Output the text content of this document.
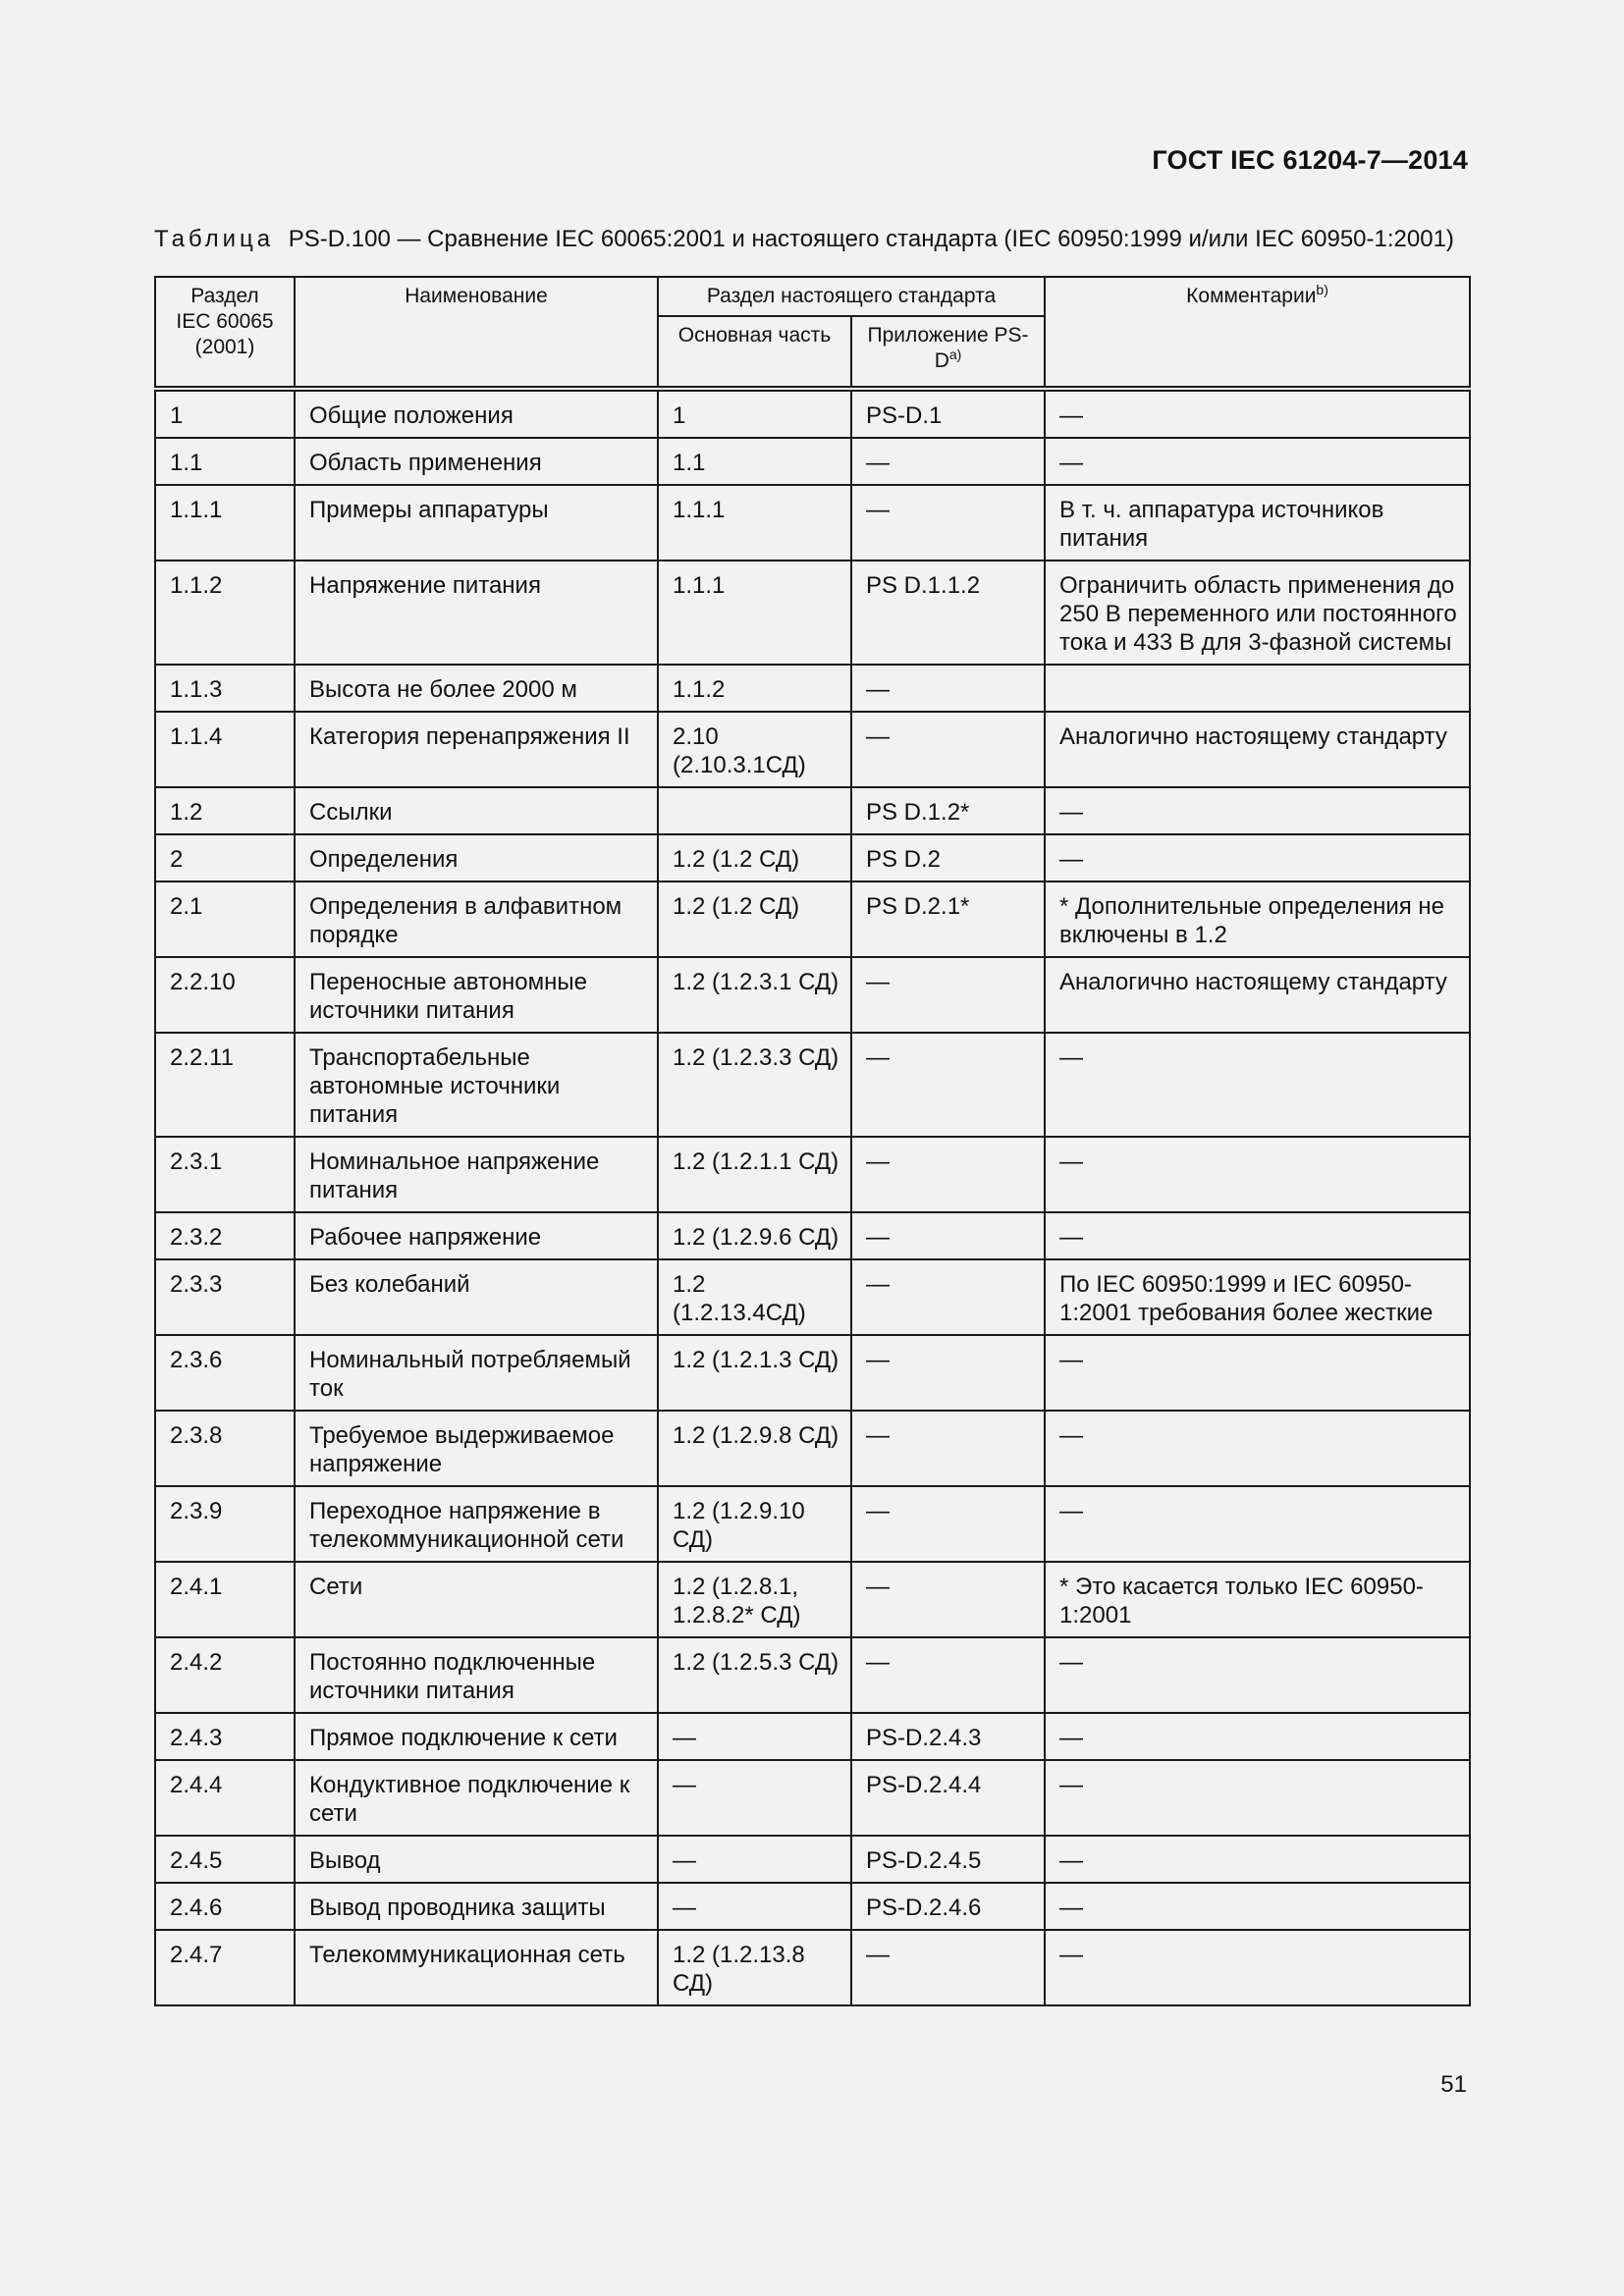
ГОСТ IEC 61204-7—2014
Таблица PS-D.100 — Сравнение IEC 60065:2001 и настоящего стандарта (IEC 60950:1999 и/или IEC 60950-1:2001)
Раздел
IEC 60065
(2001)	Наименование	Раздел настоящего стандарта		Комментарии$^{b)}$
		Основная часть	Приложение $PS-D^{a)}$
1	Общие положения	1	PS-D.1	—
1.1	Область применения	1.1	—	—
1.1.1	Примеры аппаратуры	1.1.1	—	В т. ч. аппаратура источников питания
1.1.2	Напряжение питания	1.1.1	PS D.1.1.2	Ограничить область применения до 250 В переменного или постоянного тока и 433 В для 3-фазной системы
1.1.3	Высота не более 2000 м	1.1.2	—	
1.1.4	Категория перенапряжения II	2.10 (2.10.3.1СД)	—	Аналогично настоящему стандарту
1.2	Ссылки		PS D.1.2*	—
2	Определения	1.2 (1.2 СД)	PS D.2	—
2.1	Определения в алфавитном порядке	1.2 (1.2 СД)	PS D.2.1*	* Дополнительные определения не включены в 1.2
2.2.10	Переносные автономные источники питания	1.2 (1.2.3.1 СД)	—	Аналогично настоящему стандарту
2.2.11	Транспортабельные автономные источники питания	1.2 (1.2.3.3 СД)	—	—
2.3.1	Номинальное напряжение питания	1.2 (1.2.1.1 СД)	—	—
2.3.2	Рабочее напряжение	1.2 (1.2.9.6 СД)	—	—
2.3.3	Без колебаний	1.2 (1.2.13.4СД)	—	По IEC 60950:1999 и IEC 60950-1:2001 требования более жесткие
2.3.6	Номинальный потребляемый ток	1.2 (1.2.1.3 СД)	—	—
2.3.8	Требуемое выдерживаемое напряжение	1.2 (1.2.9.8 СД)	—	—
2.3.9	Переходное напряжение в телекоммуникационной сети	1.2 (1.2.9.10 СД)	—	—
2.4.1	Сети	1.2 (1.2.8.1, 1.2.8.2* СД)	—	* Это касается только IEC 60950-1:2001
2.4.2	Постоянно подключенные источники питания	1.2 (1.2.5.3 СД)	—	—
2.4.3	Прямое подключение к сети	—	PS-D.2.4.3	—
2.4.4	Кондуктивное подключение к сети	—	PS-D.2.4.4	—
2.4.5	Вывод	—	PS-D.2.4.5	—
2.4.6	Вывод проводника защиты	—	PS-D.2.4.6	—
2.4.7	Телекоммуникационная сеть	1.2 (1.2.13.8 СД)	—	—
51
